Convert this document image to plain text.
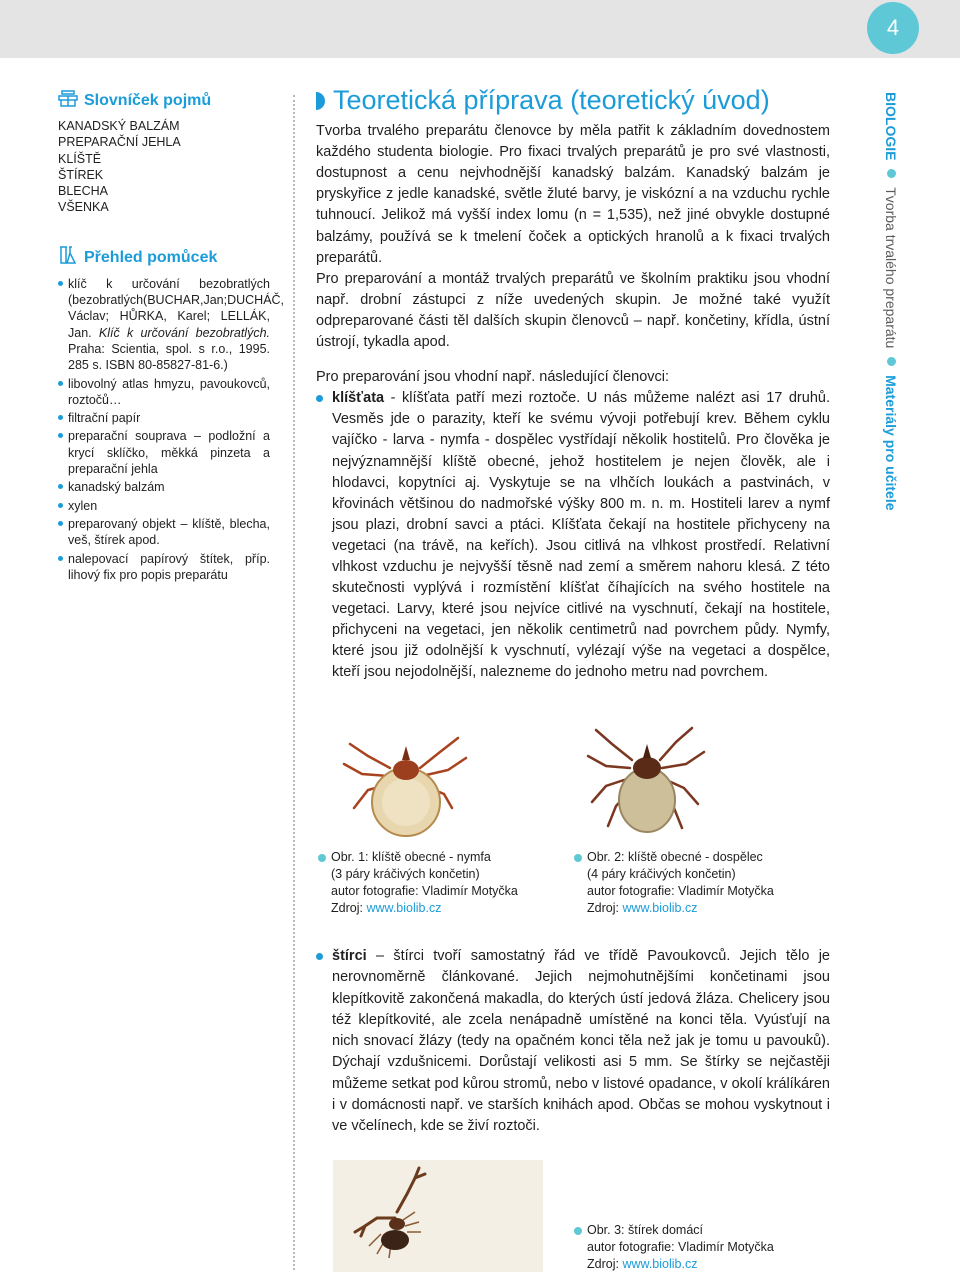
4
Slovníček pojmů
KANADSKÝ BALZÁM
PREPARAČNÍ JEHLA
KLÍŠTĚ
ŠTÍREK
BLECHA
VŠENKA
Přehled pomůcek
klíč k určování bezobratlých (bezobratlých(BUCHAR,Jan;DUCHÁČ, Václav; HŮRKA, Karel; LELLÁK, Jan. Klíč k určování bezobratlých. Praha: Scientia, spol. s r.o., 1995. 285 s. ISBN 80-85827-81-6.)
libovolný atlas hmyzu, pavoukovců, roztočů…
filtrační papír
preparační souprava – podložní a krycí sklíčko, měkká pinzeta a preparační jehla
kanadský balzám
xylen
preparovaný objekt – klíště, blecha, veš, štírek apod.
nalepovací papírový štítek, příp. lihový fix pro popis preparátu
BIOLOGIE  Tvorba trvalého preparátu  Materiály pro učitele
Teoretická příprava (teoretický úvod)

Tvorba trvalého preparátu členovce by měla patřit k základním dovednostem každého studenta biologie. Pro fixaci trvalých preparátů je pro své vlastnosti, dostupnost a cenu nejvhodnější kanadský balzám. Kanadský balzám je pryskyřice z jedle kanadské, světle žluté barvy, je viskózní a na vzduchu rychle tuhnoucí. Jelikož má vyšší index lomu (n = 1,535), než jiné obvykle dostupné balzámy, používá se k tmelení čoček a optických hranolů a k fixaci trvalých preparátů.

Pro preparování a montáž trvalých preparátů ve školním praktiku jsou vhodní např. drobní zástupci z níže uvedených skupin. Je možné také využít odpreparované části těl dalších skupin členovců – např. končetiny, křídla, ústní ústrojí, tykadla apod.

Pro preparování jsou vhodní např. následující členovci:

klíšťata - klíšťata patří mezi roztoče. U nás můžeme nalézt asi 17 druhů. Vesměs jde o parazity, kteří ke svému vývoji potřebují krev. Během cyklu vajíčko - larva - nymfa - dospělec vystřídají několik hostitelů. Pro člověka je nejvýznamnější klíště obecné, jehož hostitelem je nejen člověk, ale i hlodavci, kopytníci aj. Vyskytuje se na vlhčích loukách a pastvinách, v křovinách většinou do nadmořské výšky 800 m. n. m. Hostiteli larev a nymf jsou plazi, drobní savci a ptáci. Klíšťata čekají na hostitele přichyceny na vegetaci (na trávě, na keřích). Jsou citlivá na vlhkost prostředí. Relativní vlhkost vzduchu je nejvyšší těsně nad zemí a směrem nahoru klesá. Z této skutečnosti vyplývá i rozmístění klíšťat číhajících na svého hostitele na vegetaci. Larvy, které jsou nejvíce citlivé na vyschnutí, čekají na hostitele, přichyceni na vegetaci, jen několik centimetrů nad povrchem půdy. Nymfy, které jsou již odolnější k vyschnutí, vylézají výše na vegetaci a dospělce, kteří jsou nejodolnější, nalezneme do jednoho metru nad povrchem.
Obr. 1: klíště obecné - nymfa
(3 páry kráčivých končetin)
autor fotografie: Vladimír Motyčka
Zdroj: www.biolib.cz
Obr. 2: klíště obecné - dospělec
(4 páry kráčivých končetin)
autor fotografie: Vladimír Motyčka
Zdroj: www.biolib.cz
štírci – štírci tvoří samostatný řád ve třídě Pavoukovců. Jejich tělo je nerovnoměrně článkované. Jejich nejmohutnějšími končetinami jsou klepítkovitě zakončená makadla, do kterých ústí jedová žláza. Chelicery jsou též klepítkovité, ale zcela nenápadně umístěné na konci těla. Vyúsťují na nich snovací žlázy (tedy na opačném konci těla než jak je tomu u pavouků). Dýchají vzdušnicemi. Dorůstají velikosti asi 5 mm. Se štírky se nejčastěji můžeme setkat pod kůrou stromů, nebo v listové opadance, v okolí králíkáren i v domácnosti např. ve starších knihách apod. Občas se mohou vyskytnout i ve včelínech, kde se živí roztoči.
Obr. 3: štírek domácí
autor fotografie: Vladimír Motyčka
Zdroj: www.biolib.cz
